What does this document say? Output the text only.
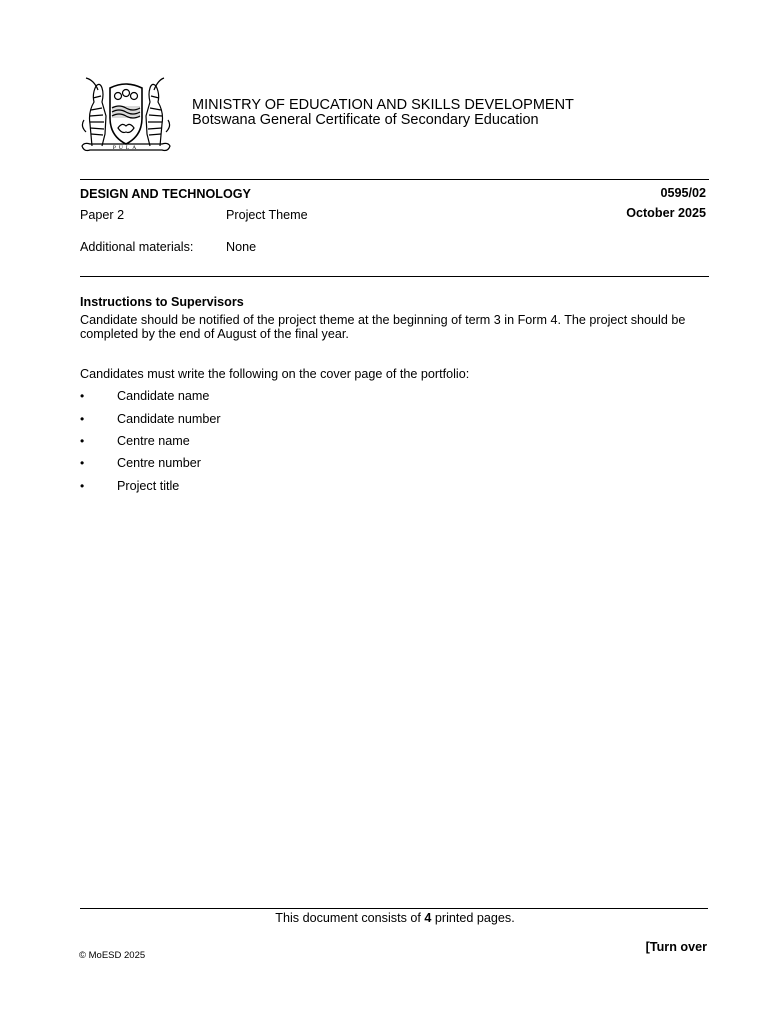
PULA
MINISTRY OF EDUCATION AND SKILLS DEVELOPMENT
Botswana General Certificate of Secondary Education
DESIGN AND TECHNOLOGY	0595/02
Paper 2	Project Theme	October 2025
Additional materials:	None
Instructions to Supervisors
Candidate should be notified of the project theme at the beginning of term 3 in Form 4. The project should be
completed by the end of August of the final year.
Candidates must write the following on the cover page of the portfolio:
•	Candidate name
•	Candidate number
•	Centre name
•	Centre number
•	Project title
This document consists of 4 printed pages.
[Turn over
© MoESD 2025
